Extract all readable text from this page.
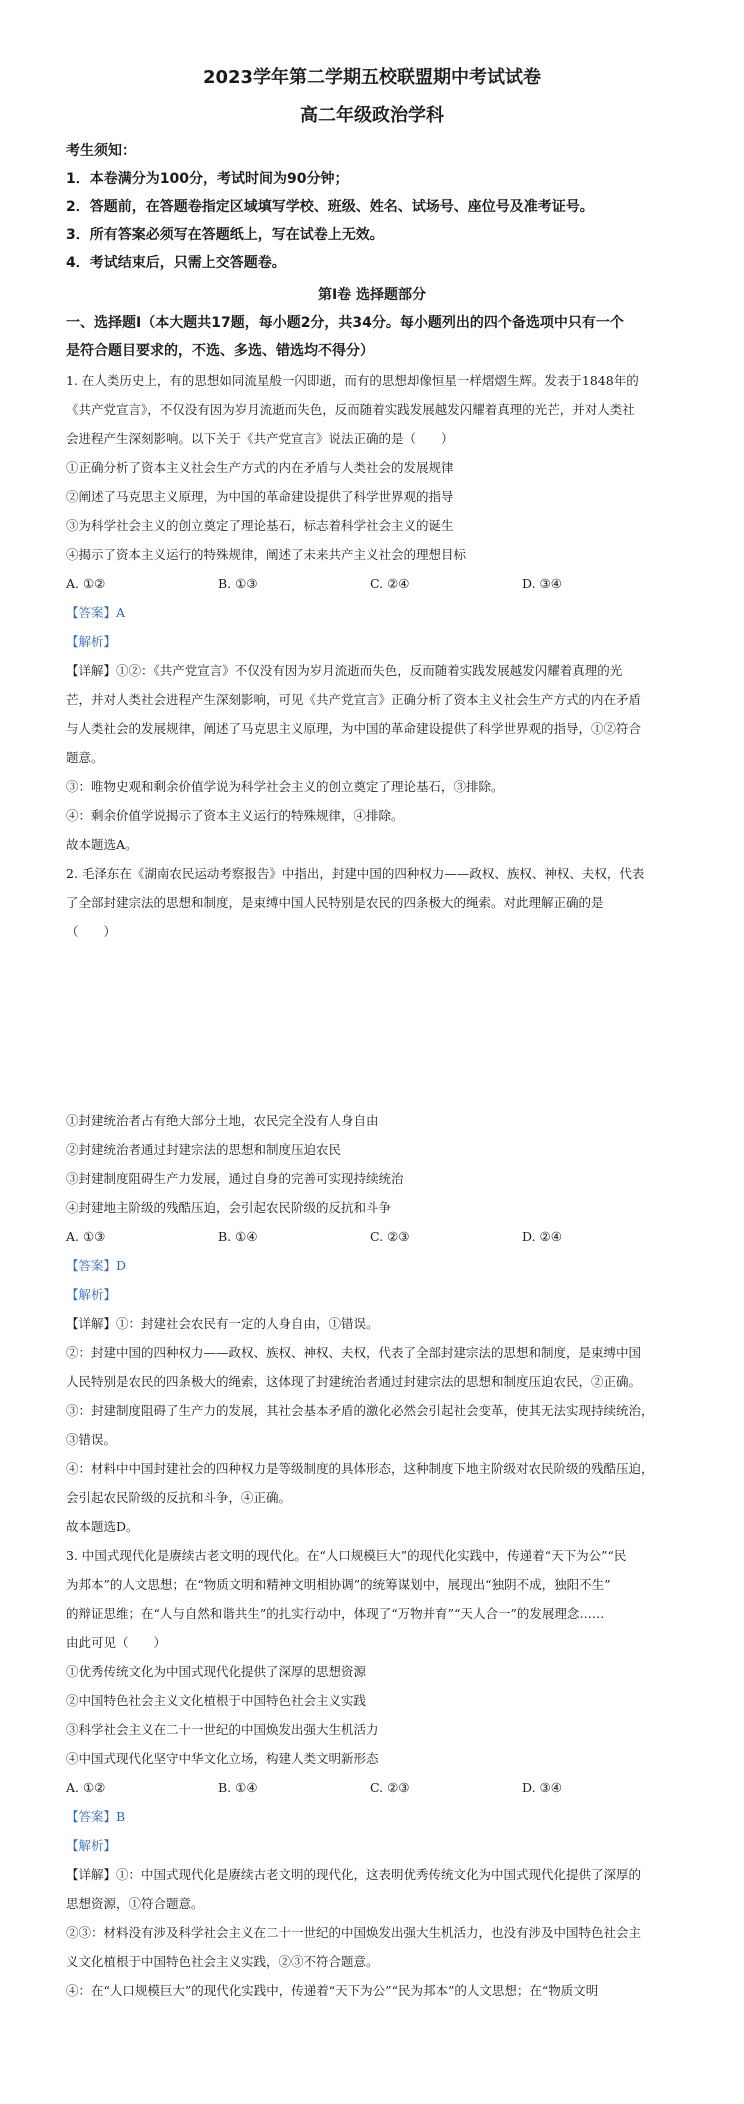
2023学年第二学期五校联盟期中考试试卷
高二年级政治学科
考生须知：
1．本卷满分为100分，考试时间为90分钟；
2．答题前，在答题卷指定区域填写学校、班级、姓名、试场号、座位号及准考证号。
3．所有答案必须写在答题纸上，写在试卷上无效。
4．考试结束后，只需上交答题卷。
第Ⅰ卷 选择题部分
一、选择题Ⅰ（本大题共17题，每小题2分，共34分。每小题列出的四个备选项中只有一个
是符合题目要求的，不选、多选、错选均不得分）
1. 在人类历史上，有的思想如同流星般一闪即逝，而有的思想却像恒星一样熠熠生辉。发表于1848年的
《共产党宣言》，不仅没有因为岁月流逝而失色，反而随着实践发展越发闪耀着真理的光芒，并对人类社
会进程产生深刻影响。以下关于《共产党宣言》说法正确的是（　　）
①正确分析了资本主义社会生产方式的内在矛盾与人类社会的发展规律
②阐述了马克思主义原理，为中国的革命建设提供了科学世界观的指导
③为科学社会主义的创立奠定了理论基石，标志着科学社会主义的诞生
④揭示了资本主义运行的特殊规律，阐述了未来共产主义社会的理想目标
A. ①②	B. ①③	C. ②④	D. ③④
【答案】A
【解析】
【详解】①②：《共产党宣言》不仅没有因为岁月流逝而失色，反而随着实践发展越发闪耀着真理的光
芒，并对人类社会进程产生深刻影响，可见《共产党宣言》正确分析了资本主义社会生产方式的内在矛盾
与人类社会的发展规律，阐述了马克思主义原理，为中国的革命建设提供了科学世界观的指导，①②符合
题意。
③：唯物史观和剩余价值学说为科学社会主义的创立奠定了理论基石，③排除。
④：剩余价值学说揭示了资本主义运行的特殊规律，④排除。
故本题选A。
2. 毛泽东在《湖南农民运动考察报告》中指出，封建中国的四种权力——政权、族权、神权、夫权，代表
了全部封建宗法的思想和制度，是束缚中国人民特别是农民的四条极大的绳索。对此理解正确的是
（　　）
①封建统治者占有绝大部分土地，农民完全没有人身自由
②封建统治者通过封建宗法的思想和制度压迫农民
③封建制度阻碍生产力发展，通过自身的完善可实现持续统治
④封建地主阶级的残酷压迫，会引起农民阶级的反抗和斗争
A. ①③	B. ①④	C. ②③	D. ②④
【答案】D
【解析】
【详解】①：封建社会农民有一定的人身自由，①错误。
②：封建中国的四种权力——政权、族权、神权、夫权，代表了全部封建宗法的思想和制度，是束缚中国
人民特别是农民的四条极大的绳索，这体现了封建统治者通过封建宗法的思想和制度压迫农民，②正确。
③：封建制度阻碍了生产力的发展，其社会基本矛盾的激化必然会引起社会变革，使其无法实现持续统治，
③错误。
④：材料中中国封建社会的四种权力是等级制度的具体形态，这种制度下地主阶级对农民阶级的残酷压迫，
会引起农民阶级的反抗和斗争，④正确。
故本题选D。
3. 中国式现代化是赓续古老文明的现代化。在“人口规模巨大”的现代化实践中，传递着“天下为公”“民
为邦本”的人文思想；在“物质文明和精神文明相协调”的统筹谋划中，展现出“独阴不成，独阳不生”
的辩证思维；在“人与自然和谐共生”的扎实行动中，体现了“万物并育”“天人合一”的发展理念……
由此可见（　　）
①优秀传统文化为中国式现代化提供了深厚的思想资源
②中国特色社会主义文化植根于中国特色社会主义实践
③科学社会主义在二十一世纪的中国焕发出强大生机活力
④中国式现代化坚守中华文化立场，构建人类文明新形态
A. ①②	B. ①④	C. ②③	D. ③④
【答案】B
【解析】
【详解】①：中国式现代化是赓续古老文明的现代化，这表明优秀传统文化为中国式现代化提供了深厚的
思想资源，①符合题意。
②③：材料没有涉及科学社会主义在二十一世纪的中国焕发出强大生机活力，也没有涉及中国特色社会主
义文化植根于中国特色社会主义实践，②③不符合题意。
④：在“人口规模巨大”的现代化实践中，传递着“天下为公”“民为邦本”的人文思想；在“物质文明
